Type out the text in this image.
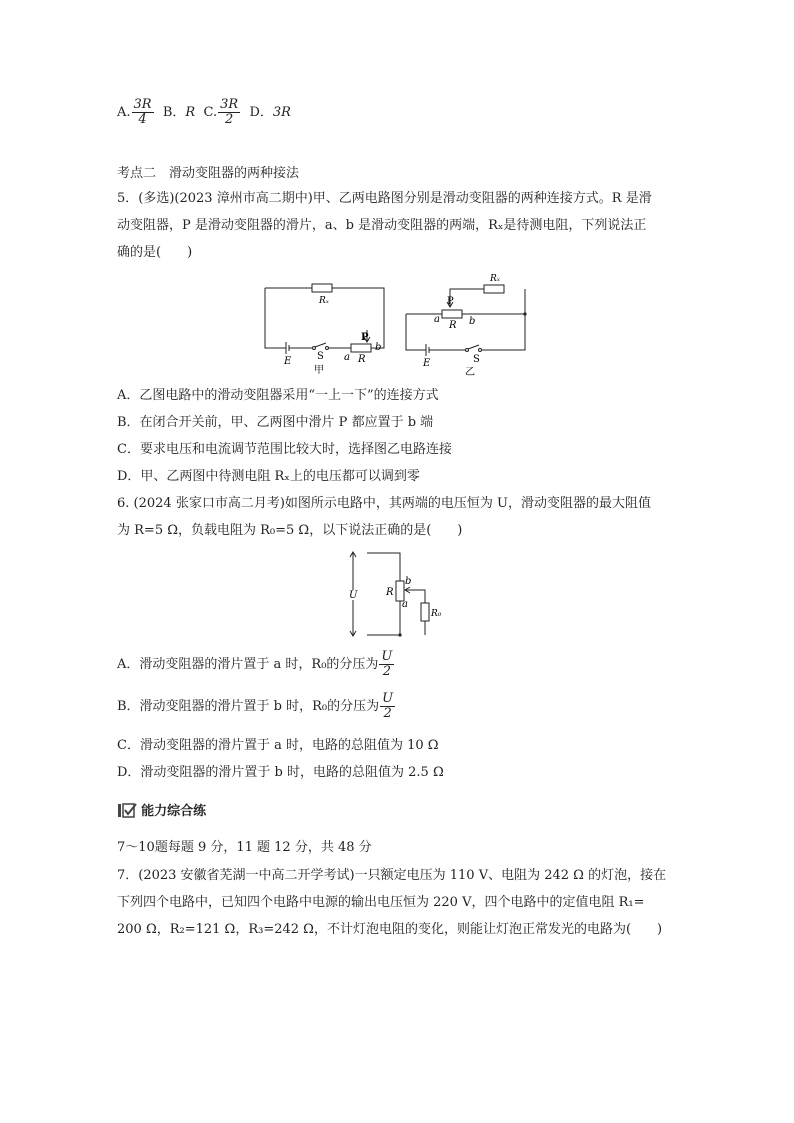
A. $\frac{3R}{4}$ B．R C. $\frac{3R}{2}$ D．3R
考点二　滑动变阻器的两种接法
5．(多选)(2023 漳州市高二期中)甲、乙两电路图分别是滑动变阻器的两种连接方式。R 是滑
动变阻器，P 是滑动变阻器的滑片，a、b 是滑动变阻器的两端，Rₓ是待测电阻，下列说法正
确的是(　　)
Rₓ
E	S
P
a R
b
甲
Rₓ
P
a
R b
E	S
乙
A．乙图电路中的滑动变阻器采用“一上一下”的连接方式
B．在闭合开关前，甲、乙两图中滑片 P 都应置于 b 端
C．要求电压和电流调节范围比较大时，选择图乙电路连接
D．甲、乙两图中待测电阻 Rₓ上的电压都可以调到零
6. (2024 张家口市高二月考)如图所示电路中，其两端的电压恒为 U，滑动变阻器的最大阻值
为 R=5 Ω，负载电阻为 R₀=5 Ω，以下说法正确的是(　　)
U	R
b
a
R₀
A．滑动变阻器的滑片置于 a 时，R₀的分压为 $\frac{U}{2}$
B．滑动变阻器的滑片置于 b 时，R₀的分压为 $\frac{U}{2}$
C．滑动变阻器的滑片置于 a 时，电路的总阻值为 10 Ω
D．滑动变阻器的滑片置于 b 时，电路的总阻值为 2.5 Ω
能力综合练
7～10题每题 9 分，11 题 12 分，共 48 分
7．(2023 安徽省芜湖一中高二开学考试)一只额定电压为 110 V、电阻为 242 Ω 的灯泡，接在
下列四个电路中，已知四个电路中电源的输出电压恒为 220 V，四个电路中的定值电阻 R₁=
200 Ω，R₂=121 Ω，R₃=242 Ω，不计灯泡电阻的变化，则能让灯泡正常发光的电路为(　　)
